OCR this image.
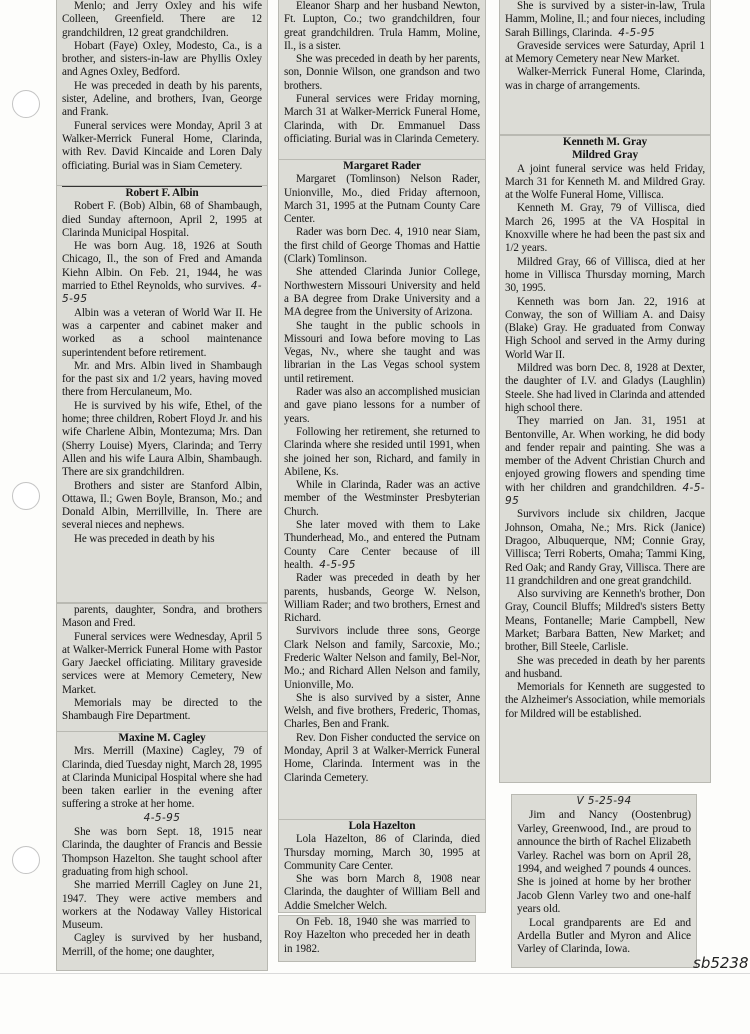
Menlo; and Jerry Oxley and his wife Colleen, Greenfield. There are 12 grandchildren, 12 great grandchildren.

Hobart (Faye) Oxley, Modesto, Ca., is a brother, and sisters-in-law are Phyllis Oxley and Agnes Oxley, Bedford.

He was preceded in death by his parents, sister, Adeline, and brothers, Ivan, George and Frank.

Funeral services were Monday, April 3 at Walker-Merrick Funeral Home, Clarinda, with Rev. David Kincaide and Loren Daly officiating. Burial was in Siam Cemetery.

Robert F. Albin

Robert F. (Bob) Albin, 68 of Shambaugh, died Sunday afternoon, April 2, 1995 at Clarinda Municipal Hospital.

He was born Aug. 18, 1926 at South Chicago, Il., the son of Fred and Amanda Kiehn Albin. On Feb. 21, 1944, he was married to Ethel Reynolds, who survives. 4-5-95

Albin was a veteran of World War II. He was a carpenter and cabinet maker and worked as a school maintenance superintendent before retirement.

Mr. and Mrs. Albin lived in Shambaugh for the past six and 1/2 years, having moved there from Herculaneum, Mo.

He is survived by his wife, Ethel, of the home; three children, Robert Floyd Jr. and his wife Charlene Albin, Montezuma; Mrs. Dan (Sherry Louise) Myers, Clarinda; and Terry Allen and his wife Laura Albin, Shambaugh. There are six grandchildren.

Brothers and sister are Stanford Albin, Ottawa, Il.; Gwen Boyle, Branson, Mo.; and Donald Albin, Merrillville, In. There are several nieces and nephews.

He was preceded in death by his

parents, daughter, Sondra, and brothers Mason and Fred.

Funeral services were Wednesday, April 5 at Walker-Merrick Funeral Home with Pastor Gary Jaeckel officiating. Military graveside services were at Memory Cemetery, New Market.

Memorials may be directed to the Shambaugh Fire Department.

Maxine M. Cagley

Mrs. Merrill (Maxine) Cagley, 79 of Clarinda, died Tuesday night, March 28, 1995 at Clarinda Municipal Hospital where she had been taken earlier in the evening after suffering a stroke at her home.

4-5-95

She was born Sept. 18, 1915 near Clarinda, the daughter of Francis and Bessie Thompson Hazelton. She taught school after graduating from high school.

She married Merrill Cagley on June 21, 1947. They were active members and workers at the Nodaway Valley Historical Museum.

Cagley is survived by her husband, Merrill, of the home; one daughter,

Eleanor Sharp and her husband Newton, Ft. Lupton, Co.; two grandchildren, four great grandchildren. Trula Hamm, Moline, Il., is a sister.

She was preceded in death by her parents, son, Donnie Wilson, one grandson and two brothers.

Funeral services were Friday morning, March 31 at Walker-Merrick Funeral Home, Clarinda, with Dr. Emmanuel Dass officiating. Burial was in Clarinda Cemetery.

Margaret Rader

Margaret (Tomlinson) Nelson Rader, Unionville, Mo., died Friday afternoon, March 31, 1995 at the Putnam County Care Center.

Rader was born Dec. 4, 1910 near Siam, the first child of George Thomas and Hattie (Clark) Tomlinson.

She attended Clarinda Junior College, Northwestern Missouri University and held a BA degree from Drake University and a MA degree from the University of Arizona.

She taught in the public schools in Missouri and Iowa before moving to Las Vegas, Nv., where she taught and was librarian in the Las Vegas school system until retirement.

Rader was also an accomplished musician and gave piano lessons for a number of years.

Following her retirement, she returned to Clarinda where she resided until 1991, when she joined her son, Richard, and family in Abilene, Ks.

While in Clarinda, Rader was an active member of the Westminster Presbyterian Church.

She later moved with them to Lake Thunderhead, Mo., and entered the Putnam County Care Center because of ill health. 4-5-95

Rader was preceded in death by her parents, husbands, George W. Nelson, William Rader; and two brothers, Ernest and Richard.

Survivors include three sons, George Clark Nelson and family, Sarcoxie, Mo.; Frederic Walter Nelson and family, Bel-Nor, Mo.; and Richard Allen Nelson and family, Unionville, Mo.

She is also survived by a sister, Anne Welsh, and five brothers, Frederic, Thomas, Charles, Ben and Frank.

Rev. Don Fisher conducted the service on Monday, April 3 at Walker-Merrick Funeral Home, Clarinda. Interment was in the Clarinda Cemetery.

Lola Hazelton

Lola Hazelton, 86 of Clarinda, died Thursday morning, March 30, 1995 at Community Care Center.

She was born March 8, 1908 near Clarinda, the daughter of William Bell and Addie Smelcher Welch.

On Feb. 18, 1940 she was married to Roy Hazelton who preceded her in death in 1982.

She is survived by a sister-in-law, Trula Hamm, Moline, Il.; and four nieces, including Sarah Billings, Clarinda. 4-5-95

Graveside services were Saturday, April 1 at Memory Cemetery near New Market.

Walker-Merrick Funeral Home, Clarinda, was in charge of arrangements.

Kenneth M. Gray

Mildred Gray

A joint funeral service was held Friday, March 31 for Kenneth M. and Mildred Gray. at the Wolfe Funeral Home, Villisca.

Kenneth M. Gray, 79 of Villisca, died March 26, 1995 at the VA Hospital in Knoxville where he had been the past six and 1/2 years.

Mildred Gray, 66 of Villisca, died at her home in Villisca Thursday morning, March 30, 1995.

Kenneth was born Jan. 22, 1916 at Conway, the son of William A. and Daisy (Blake) Gray. He graduated from Conway High School and served in the Army during World War II.

Mildred was born Dec. 8, 1928 at Dexter, the daughter of I.V. and Gladys (Laughlin) Steele. She had lived in Clarinda and attended high school there.

They married on Jan. 31, 1951 at Bentonville, Ar. When working, he did body and fender repair and painting. She was a member of the Advent Christian Church and enjoyed growing flowers and spending time with her children and grandchildren. 4-5-95

Survivors include six children, Jacque Johnson, Omaha, Ne.; Mrs. Rick (Janice) Dragoo, Albuquerque, NM; Connie Gray, Villisca; Terri Roberts, Omaha; Tammi King, Red Oak; and Randy Gray, Villisca. There are 11 grandchildren and one great grandchild.

Also surviving are Kenneth's brother, Don Gray, Council Bluffs; Mildred's sisters Betty Means, Fontanelle; Marie Campbell, New Market; Barbara Batten, New Market; and brother, Bill Steele, Carlisle.

She was preceded in death by her parents and husband.

Memorials for Kenneth are suggested to the Alzheimer's Association, while memorials for Mildred will be established.

V 5-25-94

Jim and Nancy (Oostenbrug) Varley, Greenwood, Ind., are proud to announce the birth of Rachel Elizabeth Varley. Rachel was born on April 28, 1994, and weighed 7 pounds 4 ounces. She is joined at home by her brother Jacob Glenn Varley two and one-half years old.

Local grandparents are Ed and Ardella Butler and Myron and Alice Varley of Clarinda, Iowa.

sb5238
